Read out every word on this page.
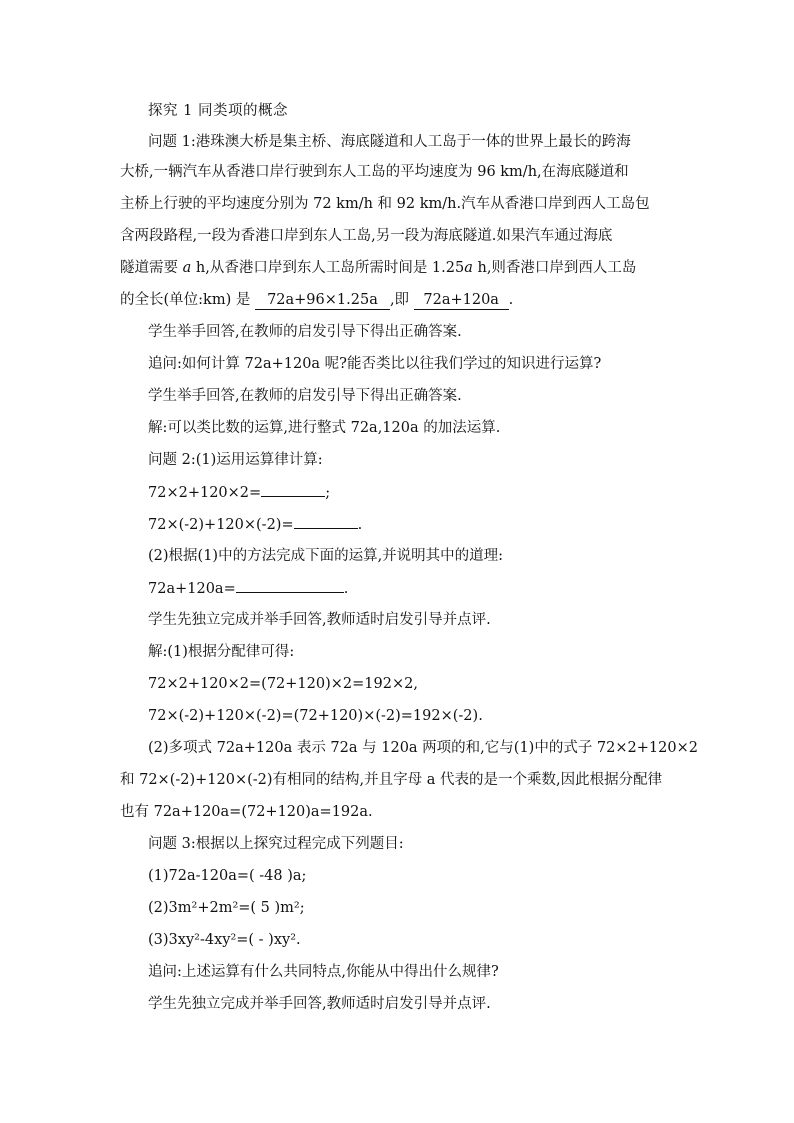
探究 1 同类项的概念
问题 1:港珠澳大桥是集主桥、海底隧道和人工岛于一体的世界上最长的跨海
大桥,一辆汽车从香港口岸行驶到东人工岛的平均速度为 96 km/h,在海底隧道和
主桥上行驶的平均速度分别为 72 km/h 和 92 km/h.汽车从香港口岸到西人工岛包
含两段路程,一段为香港口岸到东人工岛,另一段为海底隧道.如果汽车通过海底
隧道需要 a h,从香港口岸到东人工岛所需时间是 1.25a h,则香港口岸到西人工岛
的全长(单位:km) 是 72a+96×1.25a ,即 72a+120a .
学生举手回答,在教师的启发引导下得出正确答案.
追问:如何计算 72a+120a 呢?能否类比以往我们学过的知识进行运算?
学生举手回答,在教师的启发引导下得出正确答案.
解:可以类比数的运算,进行整式 72a,120a 的加法运算.
问题 2:(1)运用运算律计算:
72×2+120×2=	;
72×(-2)+120×(-2)=	.
(2)根据(1)中的方法完成下面的运算,并说明其中的道理:
72a+120a=	.
学生先独立完成并举手回答,教师适时启发引导并点评.
解:(1)根据分配律可得:
72×2+120×2=(72+120)×2=192×2,
72×(-2)+120×(-2)=(72+120)×(-2)=192×(-2).
(2)多项式 72a+120a 表示 72a 与 120a 两项的和,它与(1)中的式子 72×2+120×2
和 72×(-2)+120×(-2)有相同的结构,并且字母 a 代表的是一个乘数,因此根据分配律
也有 72a+120a=(72+120)a=192a.
问题 3:根据以上探究过程完成下列题目:
(1)72a-120a=( -48 )a;
(2)3m²+2m²=( 5 )m²;
(3)3xy²-4xy²=( - )xy².
追问:上述运算有什么共同特点,你能从中得出什么规律?
学生先独立完成并举手回答,教师适时启发引导并点评.
